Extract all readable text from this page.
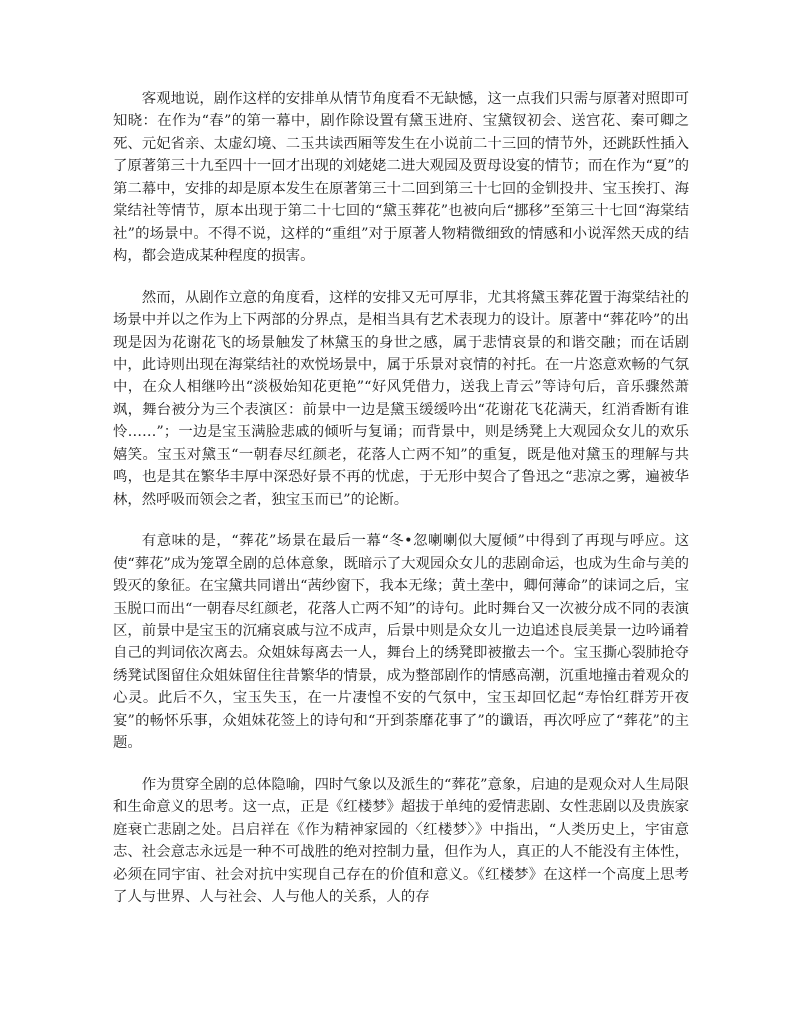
客观地说，剧作这样的安排单从情节角度看不无缺憾，这一点我们只需与原著对照即可知晓：在作为“春”的第一幕中，剧作除设置有黛玉进府、宝黛钗初会、送宫花、秦可卿之死、元妃省亲、太虚幻境、二玉共读西厢等发生在小说前二十三回的情节外，还跳跃性插入了原著第三十九至四十一回才出现的刘姥姥二进大观园及贾母设宴的情节；而在作为“夏”的第二幕中，安排的却是原本发生在原著第三十二回到第三十七回的金钏投井、宝玉挨打、海棠结社等情节，原本出现于第二十七回的“黛玉葬花”也被向后“挪移”至第三十七回“海棠结社”的场景中。不得不说，这样的“重组”对于原著人物精微细致的情感和小说浑然天成的结构，都会造成某种程度的损害。

然而，从剧作立意的角度看，这样的安排又无可厚非，尤其将黛玉葬花置于海棠结社的场景中并以之作为上下两部的分界点，是相当具有艺术表现力的设计。原著中“葬花吟”的出现是因为花谢花飞的场景触发了林黛玉的身世之感，属于悲情哀景的和谐交融；而在话剧中，此诗则出现在海棠结社的欢悦场景中，属于乐景对哀情的衬托。在一片恣意欢畅的气氛中，在众人相继吟出“淡极始知花更艳”“好风凭借力，送我上青云”等诗句后，音乐骤然萧飒，舞台被分为三个表演区：前景中一边是黛玉缓缓吟出“花谢花飞花满天，红消香断有谁怜……”；一边是宝玉满脸悲戚的倾听与复诵；而背景中，则是绣凳上大观园众女儿的欢乐嬉笑。宝玉对黛玉“一朝春尽红颜老，花落人亡两不知”的重复，既是他对黛玉的理解与共鸣，也是其在繁华丰厚中深恐好景不再的忧虑，于无形中契合了鲁迅之“悲凉之雾，遍被华林，然呼吸而领会之者，独宝玉而已”的论断。

有意味的是，“葬花”场景在最后一幕“冬•忽喇喇似大厦倾”中得到了再现与呼应。这使“葬花”成为笼罩全剧的总体意象，既暗示了大观园众女儿的悲剧命运，也成为生命与美的毁灭的象征。在宝黛共同谱出“茜纱窗下，我本无缘；黄土垄中，卿何薄命”的诔词之后，宝玉脱口而出“一朝春尽红颜老，花落人亡两不知”的诗句。此时舞台又一次被分成不同的表演区，前景中是宝玉的沉痛哀戚与泣不成声，后景中则是众女儿一边追述良辰美景一边吟诵着自己的判词依次离去。众姐妹每离去一人，舞台上的绣凳即被撤去一个。宝玉撕心裂肺抢夺绣凳试图留住众姐妹留住往昔繁华的情景，成为整部剧作的情感高潮，沉重地撞击着观众的心灵。此后不久，宝玉失玉，在一片凄惶不安的气氛中，宝玉却回忆起“寿怡红群芳开夜宴”的畅怀乐事，众姐妹花签上的诗句和“开到荼靡花事了”的谶语，再次呼应了“葬花”的主题。

作为贯穿全剧的总体隐喻，四时气象以及派生的“葬花”意象，启迪的是观众对人生局限和生命意义的思考。这一点，正是《红楼梦》超拔于单纯的爱情悲剧、女性悲剧以及贵族家庭衰亡悲剧之处。吕启祥在《作为精神家园的〈红楼梦〉》中指出，“人类历史上，宇宙意志、社会意志永远是一种不可战胜的绝对控制力量，但作为人，真正的人不能没有主体性，必须在同宇宙、社会对抗中实现自己存在的价值和意义。《红楼梦》在这样一个高度上思考了人与世界、人与社会、人与他人的关系，人的存
